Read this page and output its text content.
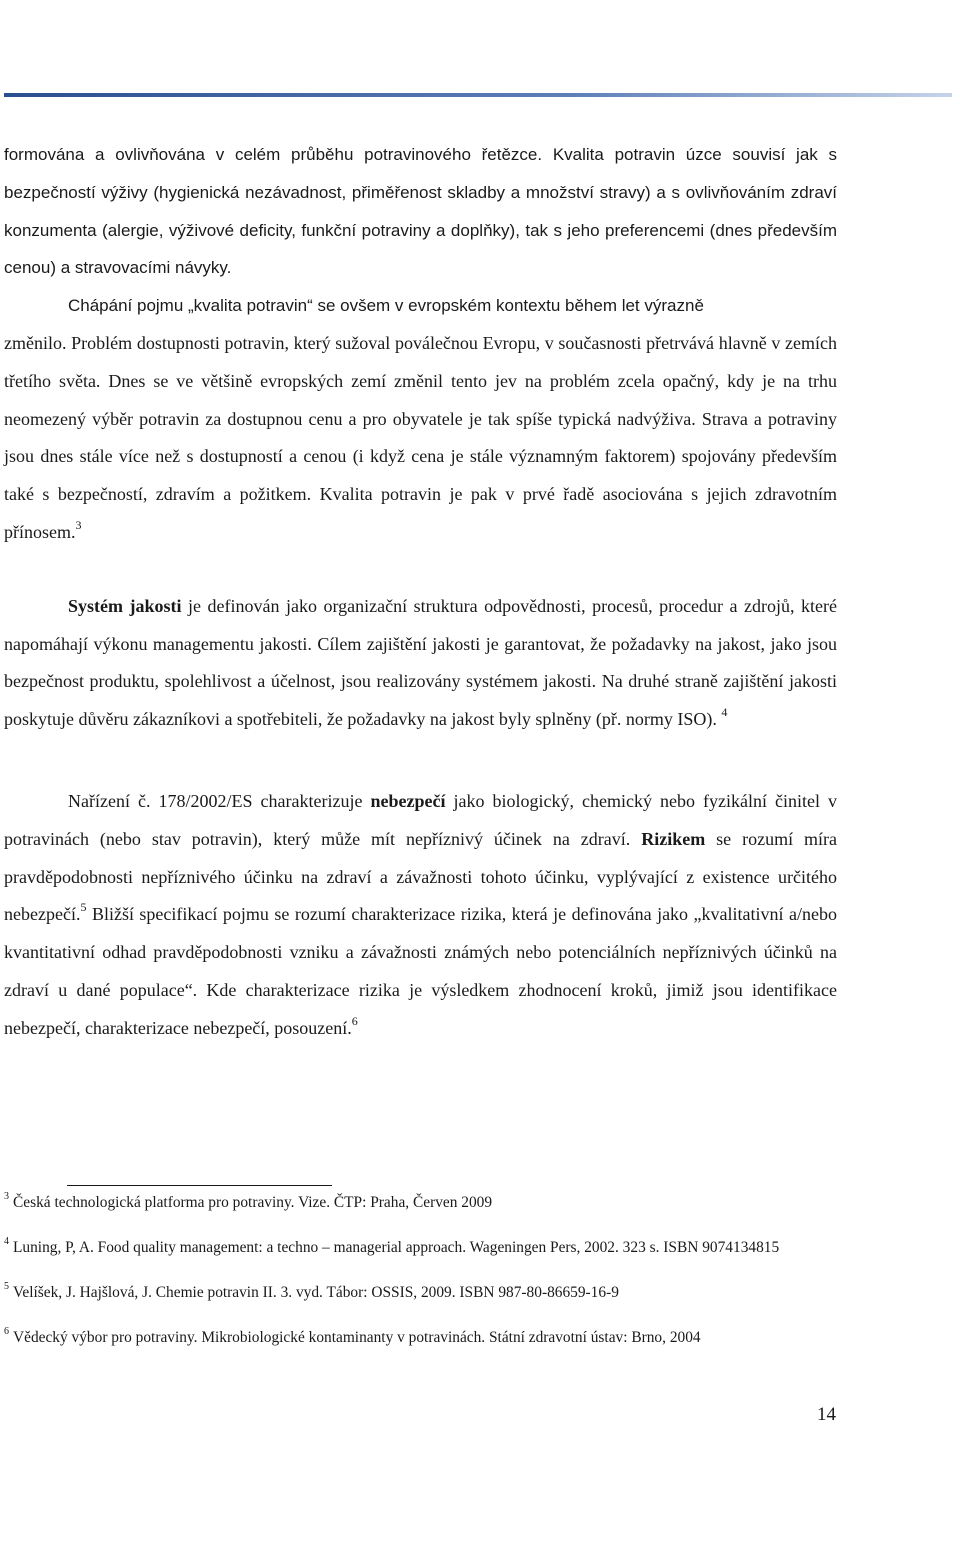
formována a ovlivňována v celém průběhu potravinového řetězce. Kvalita potravin úzce souvisí jak s bezpečností výživy (hygienická nezávadnost, přiměřenost skladby a množství stravy) a s ovlivňováním zdraví konzumenta (alergie, výživové deficity, funkční potraviny a doplňky), tak s jeho preferencemi (dnes především cenou) a stravovacími návyky.

Chápání pojmu „kvalita potravin“ se ovšem v evropském kontextu během let výrazně

změnilo. Problém dostupnosti potravin, který sužoval poválečnou Evropu, v současnosti přetrvává hlavně v zemích třetího světa. Dnes se ve většině evropských zemí změnil tento jev na problém zcela opačný, kdy je na trhu neomezený výběr potravin za dostupnou cenu a pro obyvatele je tak spíše typická nadvýživa. Strava a potraviny jsou dnes stále více než s dostupností a cenou (i když cena je stále významným faktorem) spojovány především také s bezpečností, zdravím a požitkem. Kvalita potravin je pak v prvé řadě asociována s jejich zdravotním přínosem.$^3$

Systém jakosti je definován jako organizační struktura odpovědnosti, procesů, procedur a zdrojů, které napomáhají výkonu managementu jakosti. Cílem zajištění jakosti je garantovat, že požadavky na jakost, jako jsou bezpečnost produktu, spolehlivost a účelnost, jsou realizovány systémem jakosti. Na druhé straně zajištění jakosti poskytuje důvěru zákazníkovi a spotřebiteli, že požadavky na jakost byly splněny (př. normy ISO). $^4$

Nařízení č. 178/2002/ES charakterizuje nebezpečí jako biologický, chemický nebo fyzikální činitel v potravinách (nebo stav potravin), který může mít nepříznivý účinek na zdraví. Rizikem se rozumí míra pravděpodobnosti nepříznivého účinku na zdraví a závažnosti tohoto účinku, vyplývající z existence určitého nebezpečí.$^5$ Bližší specifikací pojmu se rozumí charakterizace rizika, která je definována jako „kvalitativní a/nebo kvantitativní odhad pravděpodobnosti vzniku a závažnosti známých nebo potenciálních nepříznivých účinků na zdraví u dané populace“. Kde charakterizace rizika je výsledkem zhodnocení kroků, jimiž jsou identifikace nebezpečí, charakterizace nebezpečí, posouzení.$^6$

$^3$ Česká technologická platforma pro potraviny. Vize. ČTP: Praha, Červen 2009

$^4$ Luning, P, A. Food quality management: a techno – managerial approach. Wageningen Pers, 2002. 323 s. ISBN 9074134815

$^5$ Velíšek, J. Hajšlová, J. Chemie potravin II. 3. vyd. Tábor: OSSIS, 2009. ISBN 987-80-86659-16-9

$^6$ Vědecký výbor pro potraviny. Mikrobiologické kontaminanty v potravinách. Státní zdravotní ústav: Brno, 2004

14
